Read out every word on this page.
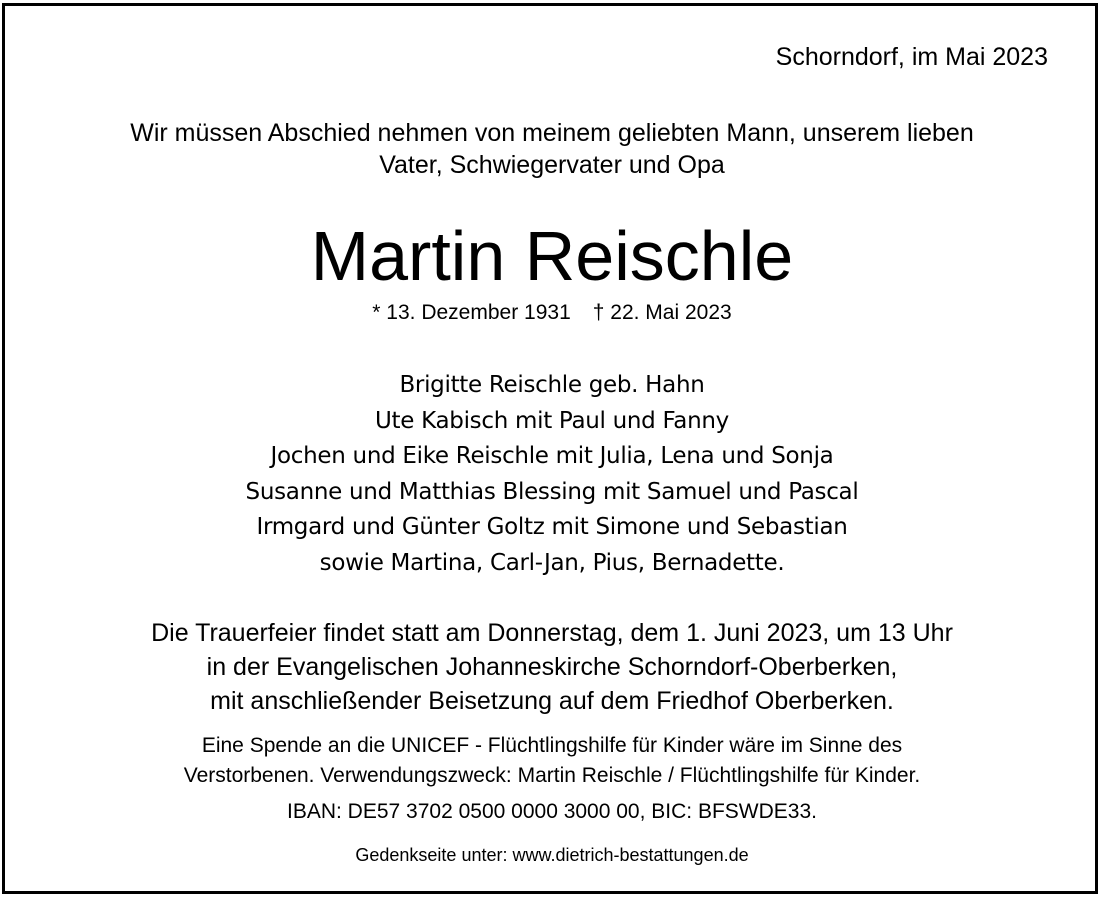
Schorndorf, im Mai 2023
Wir müssen Abschied nehmen von meinem geliebten Mann, unserem lieben
Vater, Schwiegervater und Opa
Martin Reischle
* 13. Dezember 1931 † 22. Mai 2023
Brigitte Reischle geb. Hahn
Ute Kabisch mit Paul und Fanny
Jochen und Eike Reischle mit Julia, Lena und Sonja
Susanne und Matthias Blessing mit Samuel und Pascal
Irmgard und Günter Goltz mit Simone und Sebastian
sowie Martina, Carl-Jan, Pius, Bernadette.
Die Trauerfeier findet statt am Donnerstag, dem 1. Juni 2023, um 13 Uhr
in der Evangelischen Johanneskirche Schorndorf-Oberberken,
mit anschließender Beisetzung auf dem Friedhof Oberberken.
Eine Spende an die UNICEF - Flüchtlingshilfe für Kinder wäre im Sinne des
Verstorbenen. Verwendungszweck: Martin Reischle / Flüchtlingshilfe für Kinder.
IBAN: DE57 3702 0500 0000 3000 00, BIC: BFSWDE33.
Gedenkseite unter: www.dietrich-bestattungen.de
